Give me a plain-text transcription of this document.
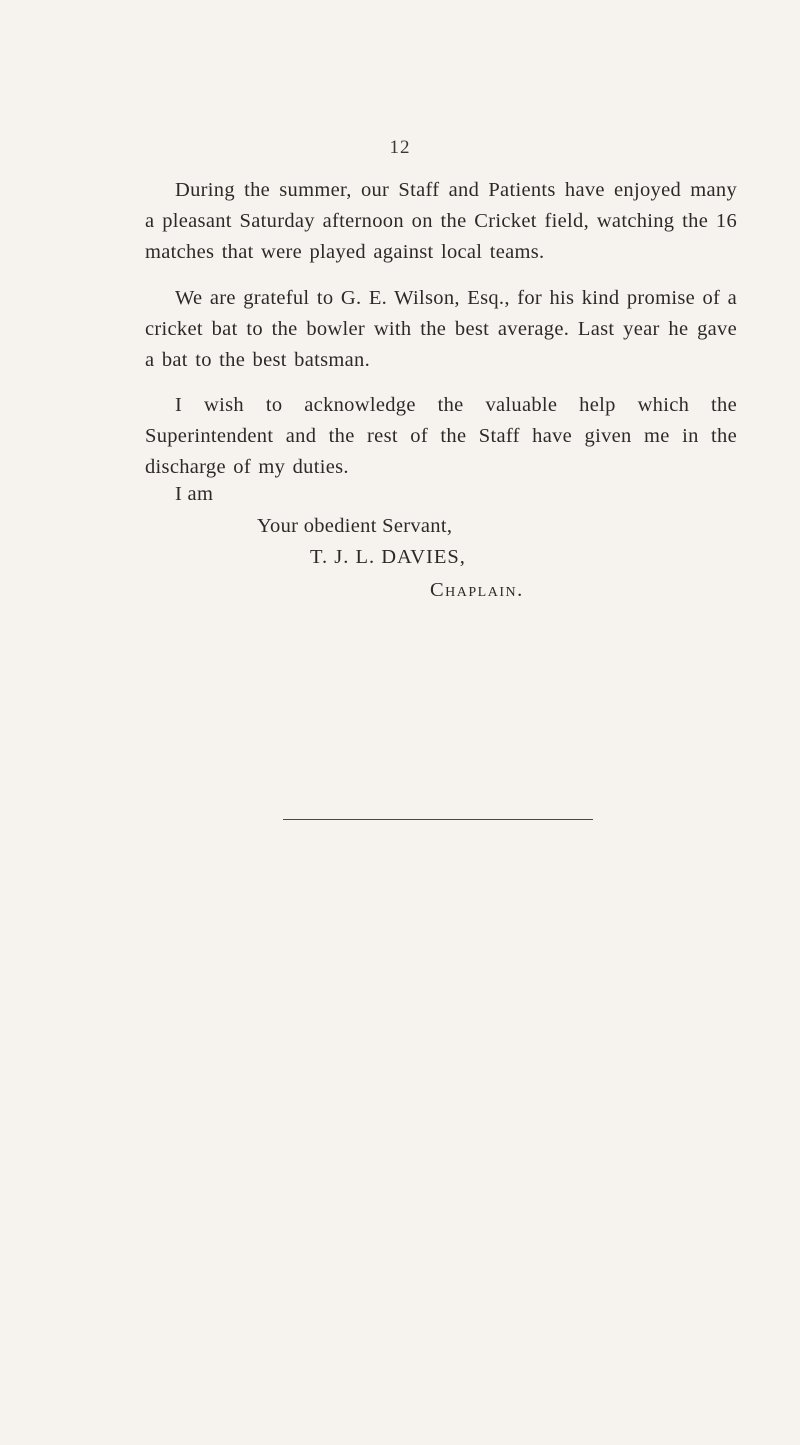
12

During the summer, our Staff and Patients have enjoyed many a pleasant Saturday afternoon on the Cricket field, watching the 16 matches that were played against local teams.

We are grateful to G. E. Wilson, Esq., for his kind promise of a cricket bat to the bowler with the best average. Last year he gave a bat to the best batsman.

I wish to acknowledge the valuable help which the Superintendent and the rest of the Staff have given me in the discharge of my duties.

I am
Your obedient Servant,
T. J. L. DAVIES,
Chaplain.
